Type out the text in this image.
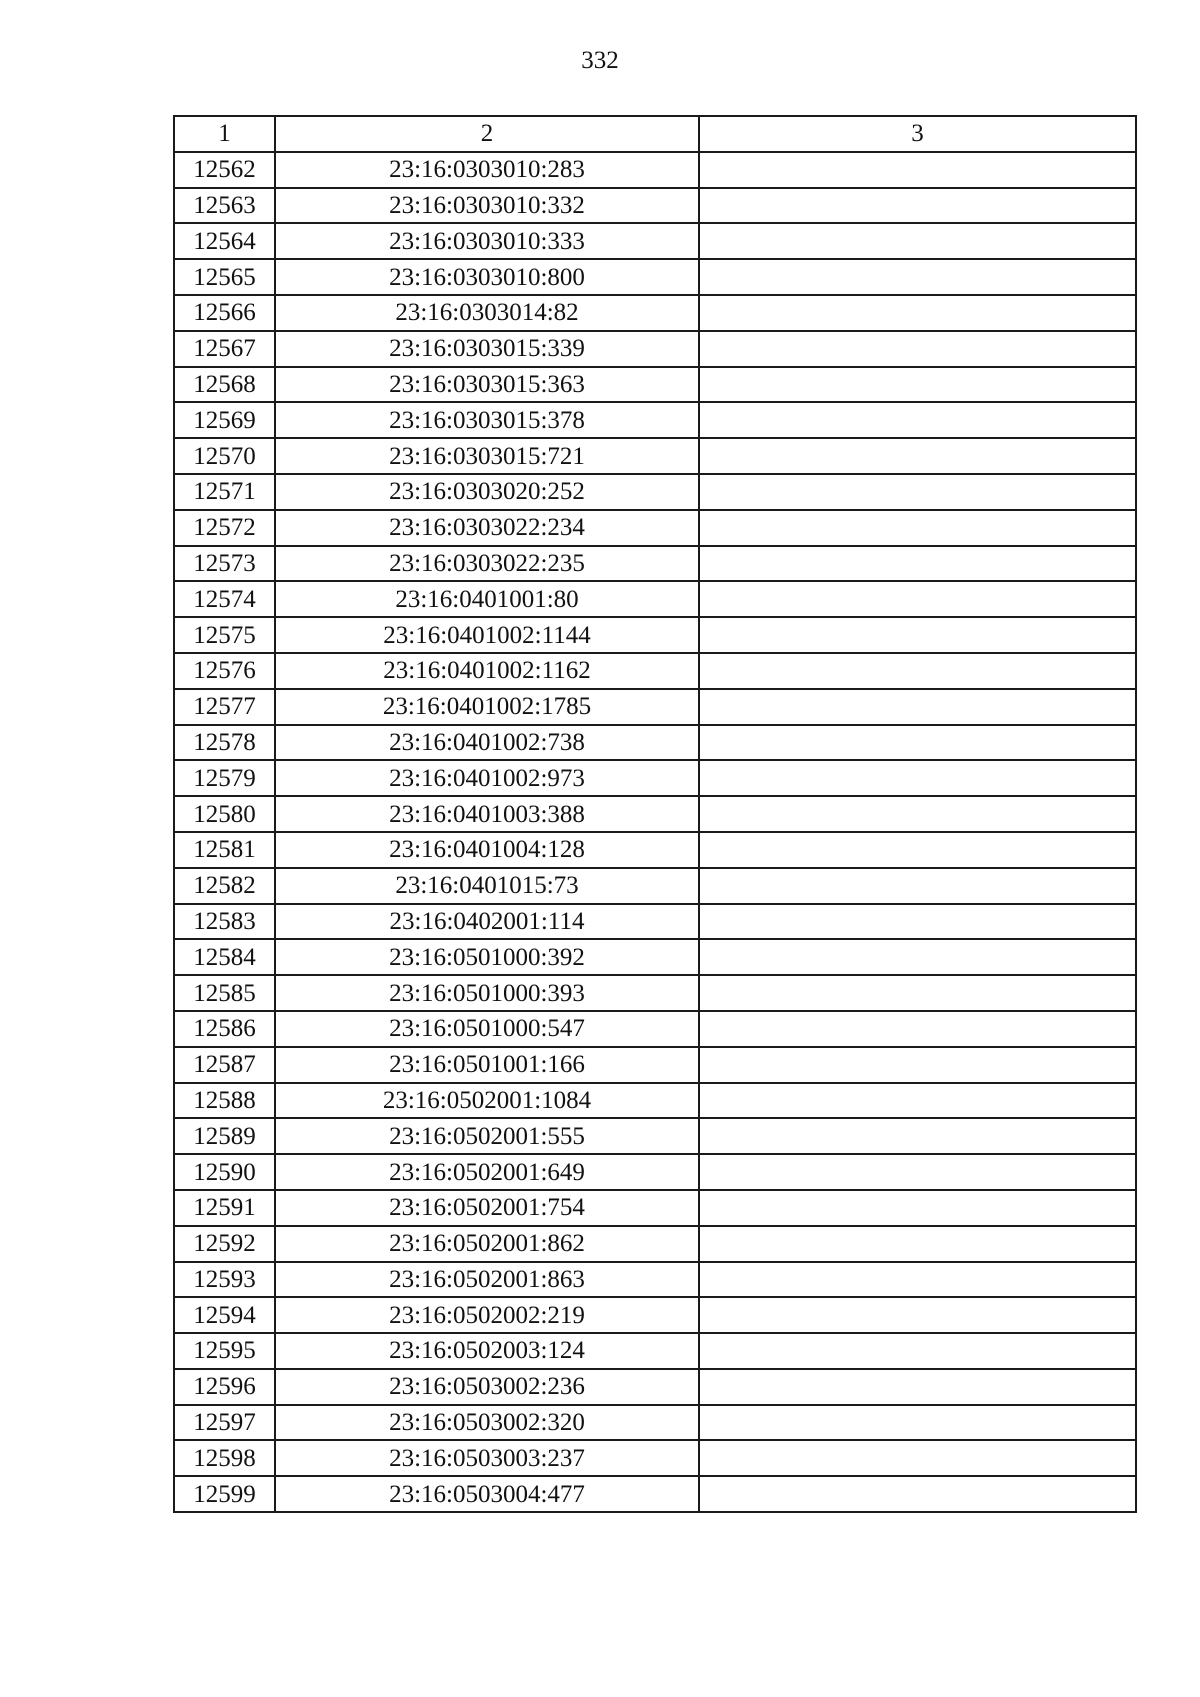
332
1	2	3
12562	23:16:0303010:283	
12563	23:16:0303010:332	
12564	23:16:0303010:333	
12565	23:16:0303010:800	
12566	23:16:0303014:82	
12567	23:16:0303015:339	
12568	23:16:0303015:363	
12569	23:16:0303015:378	
12570	23:16:0303015:721	
12571	23:16:0303020:252	
12572	23:16:0303022:234	
12573	23:16:0303022:235	
12574	23:16:0401001:80	
12575	23:16:0401002:1144	
12576	23:16:0401002:1162	
12577	23:16:0401002:1785	
12578	23:16:0401002:738	
12579	23:16:0401002:973	
12580	23:16:0401003:388	
12581	23:16:0401004:128	
12582	23:16:0401015:73	
12583	23:16:0402001:114	
12584	23:16:0501000:392	
12585	23:16:0501000:393	
12586	23:16:0501000:547	
12587	23:16:0501001:166	
12588	23:16:0502001:1084	
12589	23:16:0502001:555	
12590	23:16:0502001:649	
12591	23:16:0502001:754	
12592	23:16:0502001:862	
12593	23:16:0502001:863	
12594	23:16:0502002:219	
12595	23:16:0502003:124	
12596	23:16:0503002:236	
12597	23:16:0503002:320	
12598	23:16:0503003:237	
12599	23:16:0503004:477	
